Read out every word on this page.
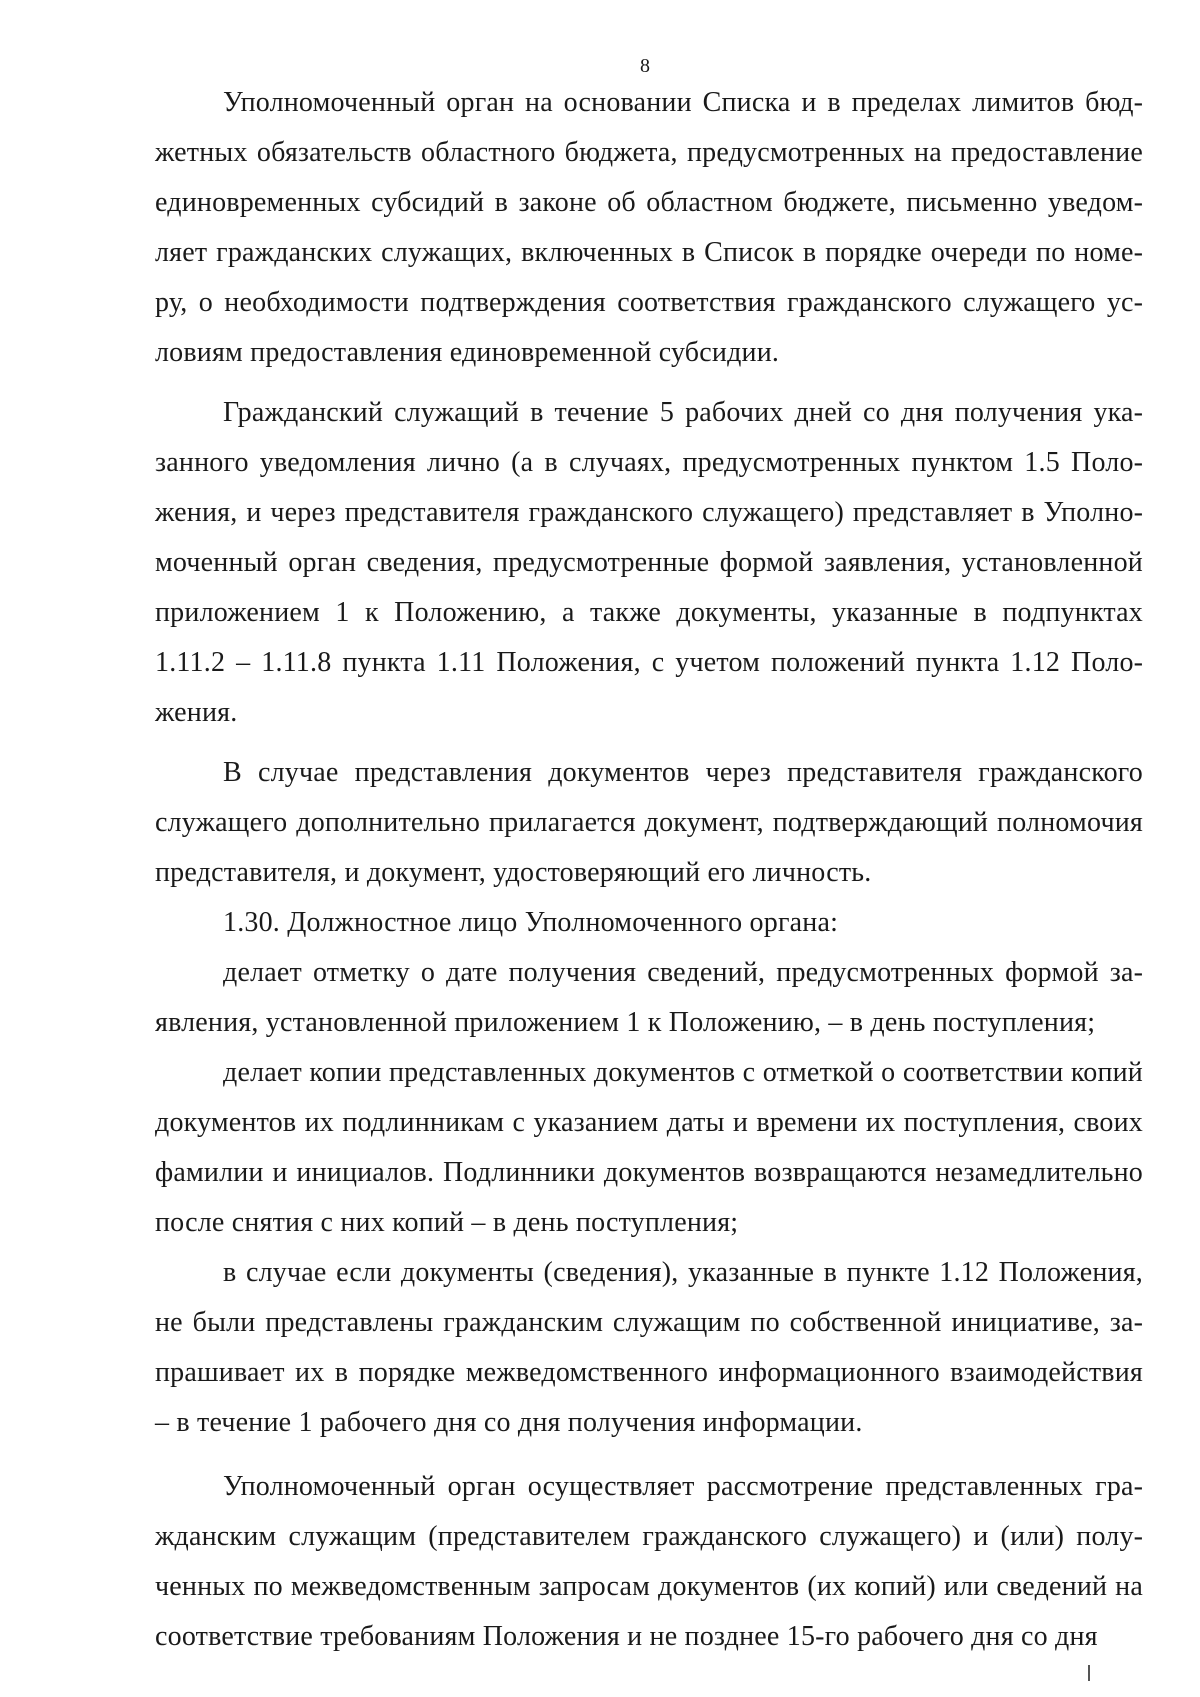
8

Уполномоченный орган на основании Списка и в пределах лимитов бюджетных обязательств областного бюджета, предусмотренных на предоставление единовременных субсидий в законе об областном бюджете, письменно уведомляет гражданских служащих, включенных в Список в порядке очереди по номеру, о необходимости подтверждения соответствия гражданского служащего условиям предоставления единовременной субсидии.

Гражданский служащий в течение 5 рабочих дней со дня получения указанного уведомления лично (а в случаях, предусмотренных пунктом 1.5 Положения, и через представителя гражданского служащего) представляет в Уполномоченный орган сведения, предусмотренные формой заявления, установленной приложением 1 к Положению, а также документы, указанные в подпунктах 1.11.2 – 1.11.8 пункта 1.11 Положения, с учетом положений пункта 1.12 Положения.

В случае представления документов через представителя гражданского служащего дополнительно прилагается документ, подтверждающий полномочия представителя, и документ, удостоверяющий его личность.

1.30. Должностное лицо Уполномоченного органа:

делает отметку о дате получения сведений, предусмотренных формой заявления, установленной приложением 1 к Положению, – в день поступления;

делает копии представленных документов с отметкой о соответствии копий документов их подлинникам с указанием даты и времени их поступления, своих фамилии и инициалов. Подлинники документов возвращаются незамедлительно после снятия с них копий – в день поступления;

в случае если документы (сведения), указанные в пункте 1.12 Положения, не были представлены гражданским служащим по собственной инициативе, запрашивает их в порядке межведомственного информационного взаимодействия – в течение 1 рабочего дня со дня получения информации.

Уполномоченный орган осуществляет рассмотрение представленных гражданским служащим (представителем гражданского служащего) и (или) полученных по межведомственным запросам документов (их копий) или сведений на соответствие требованиям Положения и не позднее 15-го рабочего дня со дня
